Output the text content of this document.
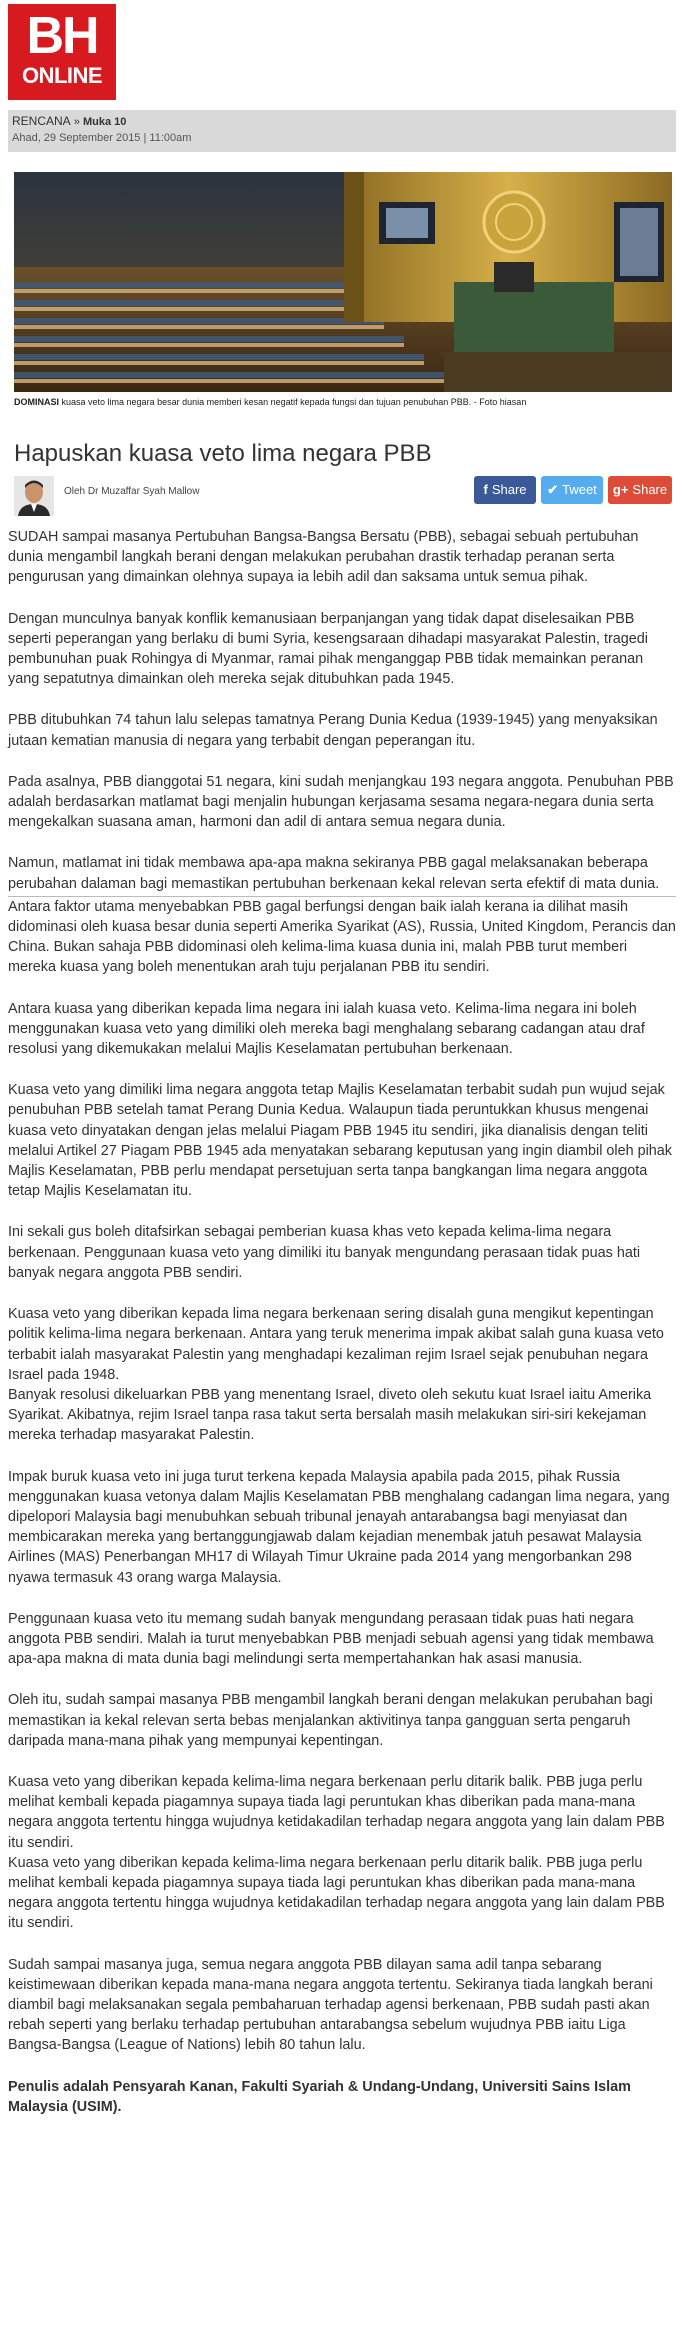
BH
ONLINE
RENCANA » Muka 10
Ahad, 29 September 2015 | 11:00am
DOMINASI kuasa veto lima negara besar dunia memberi kesan negatif kepada fungsi dan tujuan penubuhan PBB. - Foto hiasan
Hapuskan kuasa veto lima negara PBB
Oleh Dr Muzaffar Syah Mallow	f Share	✔ Tweet	g+ Share

SUDAH sampai masanya Pertubuhan Bangsa-Bangsa Bersatu (PBB), sebagai sebuah pertubuhan dunia mengambil langkah berani dengan melakukan perubahan drastik terhadap peranan serta pengurusan yang dimainkan olehnya supaya ia lebih adil dan saksama untuk semua pihak.

Dengan munculnya banyak konflik kemanusiaan berpanjangan yang tidak dapat diselesaikan PBB seperti peperangan yang berlaku di bumi Syria, kesengsaraan dihadapi masyarakat Palestin, tragedi pembunuhan puak Rohingya di Myanmar, ramai pihak menganggap PBB tidak memainkan peranan yang sepatutnya dimainkan oleh mereka sejak ditubuhkan pada 1945.

PBB ditubuhkan 74 tahun lalu selepas tamatnya Perang Dunia Kedua (1939-1945) yang menyaksikan jutaan kematian manusia di negara yang terbabit dengan peperangan itu.

Pada asalnya, PBB dianggotai 51 negara, kini sudah menjangkau 193 negara anggota. Penubuhan PBB adalah berdasarkan matlamat bagi menjalin hubungan kerjasama sesama negara-negara dunia serta mengekalkan suasana aman, harmoni dan adil di antara semua negara dunia.

Namun, matlamat ini tidak membawa apa-apa makna sekiranya PBB gagal melaksanakan beberapa perubahan dalaman bagi memastikan pertubuhan berkenaan kekal relevan serta efektif di mata dunia.

Antara faktor utama menyebabkan PBB gagal berfungsi dengan baik ialah kerana ia dilihat masih didominasi oleh kuasa besar dunia seperti Amerika Syarikat (AS), Russia, United Kingdom, Perancis dan China. Bukan sahaja PBB didominasi oleh kelima-lima kuasa dunia ini, malah PBB turut memberi mereka kuasa yang boleh menentukan arah tuju perjalanan PBB itu sendiri.

Antara kuasa yang diberikan kepada lima negara ini ialah kuasa veto. Kelima-lima negara ini boleh menggunakan kuasa veto yang dimiliki oleh mereka bagi menghalang sebarang cadangan atau draf resolusi yang dikemukakan melalui Majlis Keselamatan pertubuhan berkenaan.

Kuasa veto yang dimiliki lima negara anggota tetap Majlis Keselamatan terbabit sudah pun wujud sejak penubuhan PBB setelah tamat Perang Dunia Kedua. Walaupun tiada peruntukkan khusus mengenai kuasa veto dinyatakan dengan jelas melalui Piagam PBB 1945 itu sendiri, jika dianalisis dengan teliti melalui Artikel 27 Piagam PBB 1945 ada menyatakan sebarang keputusan yang ingin diambil oleh pihak Majlis Keselamatan, PBB perlu mendapat persetujuan serta tanpa bangkangan lima negara anggota tetap Majlis Keselamatan itu.

Ini sekali gus boleh ditafsirkan sebagai pemberian kuasa khas veto kepada kelima-lima negara berkenaan. Penggunaan kuasa veto yang dimiliki itu banyak mengundang perasaan tidak puas hati banyak negara anggota PBB sendiri.

Kuasa veto yang diberikan kepada lima negara berkenaan sering disalah guna mengikut kepentingan politik kelima-lima negara berkenaan. Antara yang teruk menerima impak akibat salah guna kuasa veto terbabit ialah masyarakat Palestin yang menghadapi kezaliman rejim Israel sejak penubuhan negara Israel pada 1948.

Banyak resolusi dikeluarkan PBB yang menentang Israel, diveto oleh sekutu kuat Israel iaitu Amerika Syarikat. Akibatnya, rejim Israel tanpa rasa takut serta bersalah masih melakukan siri-siri kekejaman mereka terhadap masyarakat Palestin.

Impak buruk kuasa veto ini juga turut terkena kepada Malaysia apabila pada 2015, pihak Russia menggunakan kuasa vetonya dalam Majlis Keselamatan PBB menghalang cadangan lima negara, yang dipelopori Malaysia bagi menubuhkan sebuah tribunal jenayah antarabangsa bagi menyiasat dan membicarakan mereka yang bertanggungjawab dalam kejadian menembak jatuh pesawat Malaysia Airlines (MAS) Penerbangan MH17 di Wilayah Timur Ukraine pada 2014 yang mengorbankan 298 nyawa termasuk 43 orang warga Malaysia.

Penggunaan kuasa veto itu memang sudah banyak mengundang perasaan tidak puas hati negara anggota PBB sendiri. Malah ia turut menyebabkan PBB menjadi sebuah agensi yang tidak membawa apa-apa makna di mata dunia bagi melindungi serta mempertahankan hak asasi manusia.

Oleh itu, sudah sampai masanya PBB mengambil langkah berani dengan melakukan perubahan bagi memastikan ia kekal relevan serta bebas menjalankan aktivitinya tanpa gangguan serta pengaruh daripada mana-mana pihak yang mempunyai kepentingan.

Kuasa veto yang diberikan kepada kelima-lima negara berkenaan perlu ditarik balik. PBB juga perlu melihat kembali kepada piagamnya supaya tiada lagi peruntukan khas diberikan pada mana-mana negara anggota tertentu hingga wujudnya ketidakadilan terhadap negara anggota yang lain dalam PBB itu sendiri.

Kuasa veto yang diberikan kepada kelima-lima negara berkenaan perlu ditarik balik. PBB juga perlu melihat kembali kepada piagamnya supaya tiada lagi peruntukan khas diberikan pada mana-mana negara anggota tertentu hingga wujudnya ketidakadilan terhadap negara anggota yang lain dalam PBB itu sendiri.

Sudah sampai masanya juga, semua negara anggota PBB dilayan sama adil tanpa sebarang keistimewaan diberikan kepada mana-mana negara anggota tertentu. Sekiranya tiada langkah berani diambil bagi melaksanakan segala pembaharuan terhadap agensi berkenaan, PBB sudah pasti akan rebah seperti yang berlaku terhadap pertubuhan antarabangsa sebelum wujudnya PBB iaitu Liga Bangsa-Bangsa (League of Nations) lebih 80 tahun lalu.

Penulis adalah Pensyarah Kanan, Fakulti Syariah & Undang-Undang, Universiti Sains Islam Malaysia (USIM).
